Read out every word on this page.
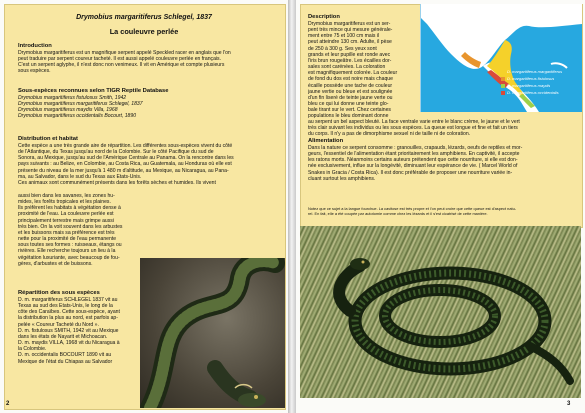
Drymobius margaritiferus Schlegel, 1837
La couleuvre perlée

Introduction

Drymobius margaritiferus est un magnifique serpent appelé Speckled racer en anglais que l'on

peut traduire par serpent coureur tacheté. Il est aussi appelé couleuvre perlée en français.

C'est un serpent aglyphe, il n'est donc non venimeux. Il vit en Amérique et compte plusieurs

sous espèces.

Sous-espèces reconnues selon TIGR Reptile Database

Drymobius margaritiferus fistulosus Smith, 1942

Drymobius margaritiferus margaritiferus Schlegel, 1837

Drymobius margaritiferus maydis Villa, 1968

Drymobius margaritiferus occidentalis Bocourt, 1890

Distribution et habitat

Cette espèce a une très grande aire de répartition. Les différentes sous-espèces vivent du côté

de l'Atlantique, du Texas jusqu'au nord de la Colombie. Sur le côté Pacifique du sud de

Sonora, au Mexique, jusqu'au sud de l'Amérique Centrale au Panama. On la rencontre dans les

pays suivants : au Belize, en Colombie, au Costa Rica, au Guatemala, au Honduras où elle est

présente du niveau de la mer jusqu'à 1 480 m d'altitude, au Mexique, au Nicaragua, au Pana-

ma, au Salvador, dans le sud du Texas aux États-Unis.

Ces animaux sont communément présents dans les forêts sèches et humides. Ils vivent

aussi bien dans les savanes, les zones hu-

mides, les forêts tropicales et les plaines.

Ils préfèrent les habitats à végétation dense à

proximité de l'eau. La couleuvre perlée est

principalement terrestre mais grimpe aussi

très bien. On la voit souvent dans les arbustes

et les buissons mais sa préférence est très

nette pour la proximité de l'eau permanente

sous toutes ses formes : ruisseaux, étangs ou

rivières. Elle recherche toujours un lieu à la

végétation luxuriante, avec beaucoup de fou-

gères, d'arbustes et de buissons.

Répartition des sous espèces

D. m. margaritiferus SCHLEGEL 1837 vit au

Texas au sud des États-Unis, le long de la

côte des Caraïbes. Cette sous-espèce, ayant

la distribution la plus au nord, est parfois ap-

pelée « Coureur Tacheté du Nord ».

D. m. fistulosus SMITH, 1942 vit au Mexique

dans les états de Nayarit et Michoacan.

D. m. maydis VILLA, 1968 vit du Nicaragua à

la Colombie.

D. m. occidentalis BOCOURT 1890 vit au

Mexique de l'état du Chiapas au Salvador

2

Description

Drymobius margaritiferus est un ser-

pent très mince qui mesure générale-

ment entre 75 et 100 cm mais il

peut atteindre 130 cm. Adulte, il pèse

de 250 à 300 g. Ses yeux sont

grands et leur pupille est ronde avec

l'iris brun rougeâtre. Les écailles dor-

sales sont carénées. La coloration

est magnifiquement colorée. La couleur

de fond du dos est noire mais chaque

écaille possède une tache de couleur

jaune vertie ou bleue et est soulignée

d'un fin liseré de teinte jaune verte ou

bleu ce qui lui donne une teinte glo-

bale tirant sur le vert. Chez certaines

populations le bleu dominant donne

au serpent un bel aspect bleuté. La face ventrale varie entre le blanc crème, le jaune et le vert

très clair suivant les individus ou les sous espèces. La queue est longue et fine et fait un tiers

du corps. Il n'y a pas de dimorphisme sexuel ni de taille ni de coloration.

D. margaritiferus margaritiferus
D. margaritiferus fistulosus
D. margaritiferus maydis
D. margaritiferus occidentalis

Alimentation

Dans la nature ce serpent consomme : granouilles, crapauds, lézards, oeufs de reptiles et mor-

geurs, l'essentiel de l'alimentation étant prioritairement les amphibiens. En captivité, il accepte

les ratons morts. Néanmoins certains auteurs prétendent que cette nourriture, si elle est don-

née exclusivement, influe sur la longévité, diminuant leur espérance de vie. ( Marcel World of

Snakes in Gracia / Costa Rica). Il est donc préférable de proposer une nourriture variée in-

cluant surtout les amphibiens.

Notez que ce sujet a la langue fourchue. La cavitose est très propre et l'on peut croire que cette queue est d'aspect natu-

rel. En fait, elle a été coupée par autotomie comme chez les lézards et il s'est cicatrisé de cette manière.

3
